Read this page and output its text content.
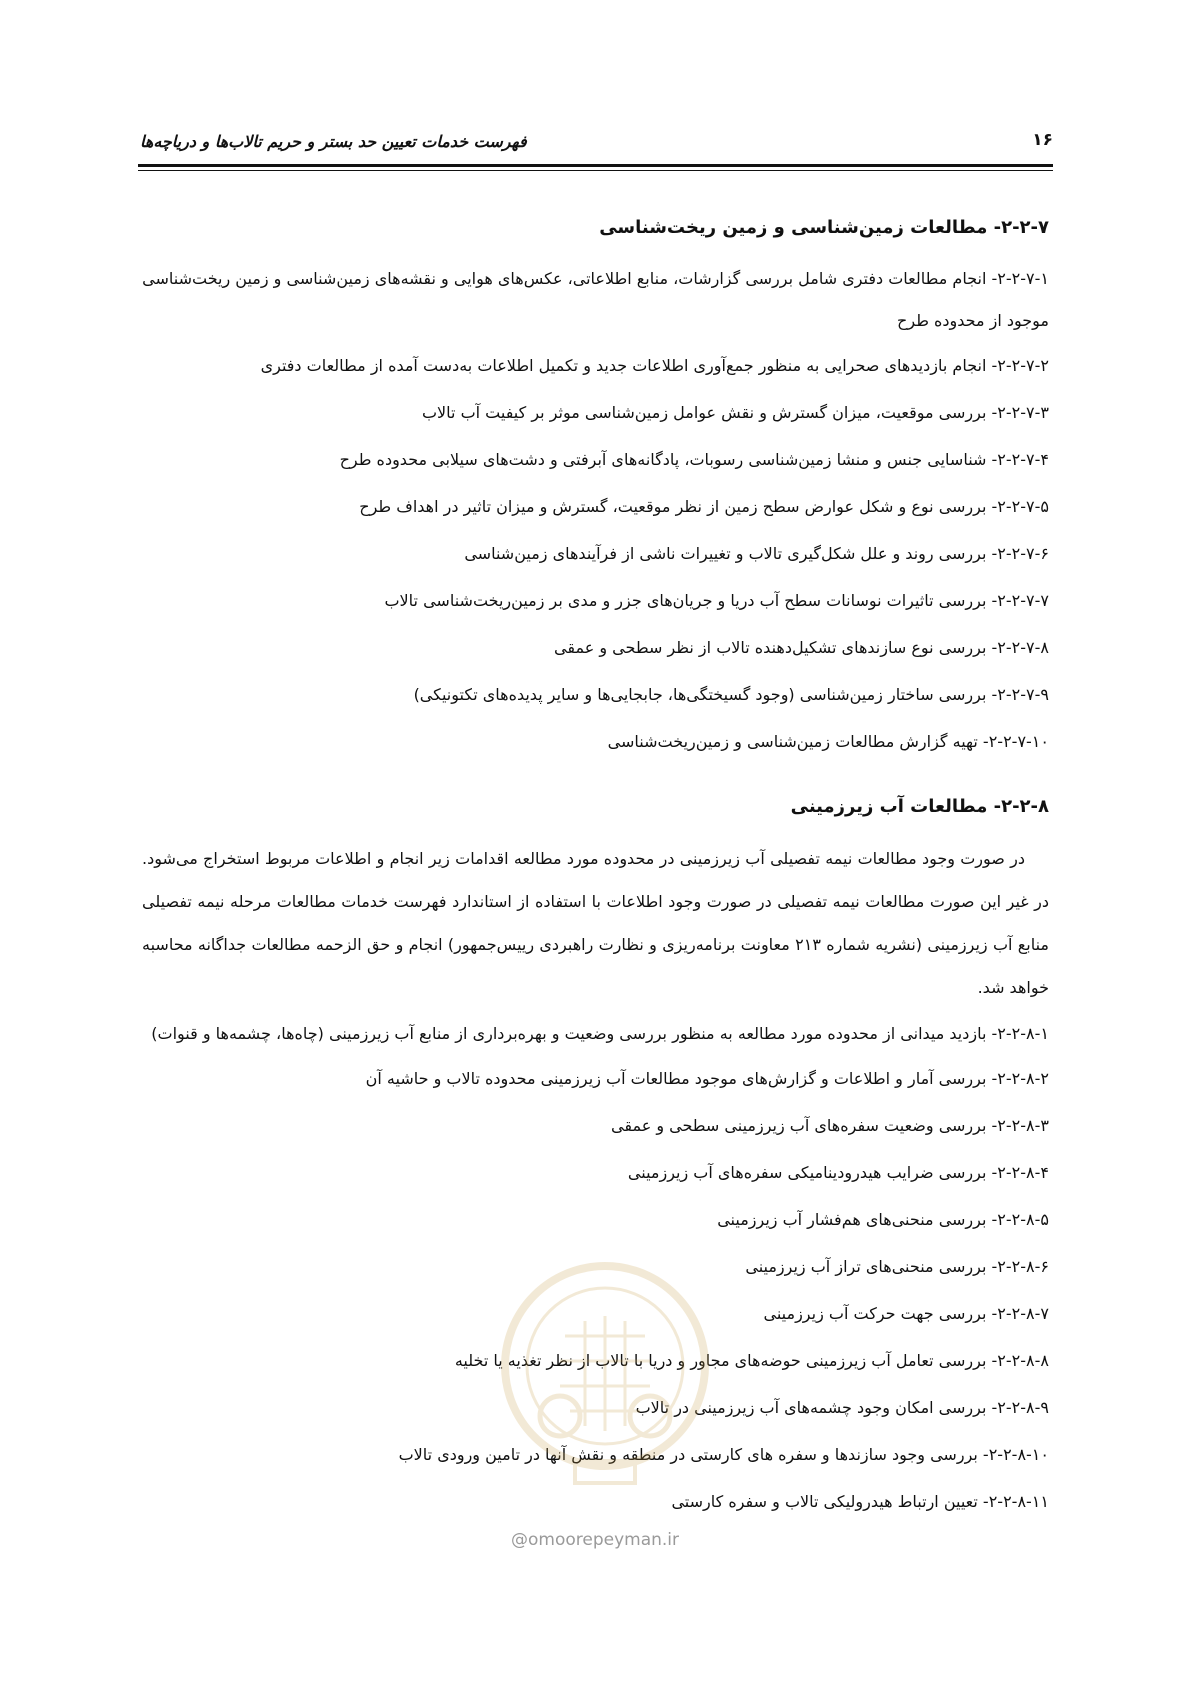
۱۶
فهرست خدمات تعیین حد بستر و حریم تالاب‌ها و دریاچه‌ها
۲-۲-۷- مطالعات زمین‌شناسی و زمین ریخت‌شناسی
۲-۲-۷-۱- انجام مطالعات دفتری شامل بررسی گزارشات، منابع اطلاعاتی، عکس‌های هوایی و نقشه‌های زمین‌شناسی و زمین ریخت‌شناسی موجود از محدوده طرح
۲-۲-۷-۲- انجام بازدیدهای صحرایی به منظور جمع‌آوری اطلاعات جدید و تکمیل اطلاعات به‌دست آمده از مطالعات دفتری
۲-۲-۷-۳- بررسی موقعیت، میزان گسترش و نقش عوامل زمین‌شناسی موثر بر کیفیت آب تالاب
۲-۲-۷-۴- شناسایی جنس و منشا زمین‌شناسی رسوبات، پادگانه‌های آبرفتی و دشت‌های سیلابی محدوده طرح
۲-۲-۷-۵- بررسی نوع و شکل عوارض سطح زمین از نظر موقعیت، گسترش و میزان تاثیر در اهداف طرح
۲-۲-۷-۶- بررسی روند و علل شکل‌گیری تالاب و تغییرات ناشی از فرآیندهای زمین‌شناسی
۲-۲-۷-۷- بررسی تاثیرات نوسانات سطح آب دریا و جریان‌های جزر و مدی بر زمین‌ریخت‌شناسی تالاب
۲-۲-۷-۸- بررسی نوع سازندهای تشکیل‌دهنده تالاب از نظر سطحی و عمقی
۲-۲-۷-۹- بررسی ساختار زمین‌شناسی (وجود گسیختگی‌ها، جابجایی‌ها و سایر پدیده‌های تکتونیکی)
۲-۲-۷-۱۰- تهیه گزارش مطالعات زمین‌شناسی و زمین‌ریخت‌شناسی
۲-۲-۸- مطالعات آب زیرزمینی

در صورت وجود مطالعات نیمه تفصیلی آب زیرزمینی در محدوده مورد مطالعه اقدامات زیر انجام و اطلاعات مربوط استخراج می‌شود. در غیر این صورت مطالعات نیمه تفصیلی در صورت وجود اطلاعات با استفاده از استاندارد فهرست خدمات مطالعات مرحله نیمه تفصیلی منابع آب زیرزمینی (نشریه شماره ۲۱۳ معاونت برنامه‌ریزی و نظارت راهبردی رییس‌جمهور) انجام و حق الزحمه مطالعات جداگانه محاسبه خواهد شد.

۲-۲-۸-۱- بازدید میدانی از محدوده مورد مطالعه به منظور بررسی وضعیت و بهره‌برداری از منابع آب زیرزمینی (چاه‌ها، چشمه‌ها و قنوات)
۲-۲-۸-۲- بررسی آمار و اطلاعات و گزارش‌های موجود مطالعات آب زیرزمینی محدوده تالاب و حاشیه آن
۲-۲-۸-۳- بررسی وضعیت سفره‌های آب زیرزمینی سطحی و عمقی
۲-۲-۸-۴- بررسی ضرایب هیدرودینامیکی سفره‌های آب زیرزمینی
۲-۲-۸-۵- بررسی منحنی‌های هم‌فشار آب زیرزمینی
۲-۲-۸-۶- بررسی منحنی‌های تراز آب زیرزمینی
۲-۲-۸-۷- بررسی جهت حرکت آب زیرزمینی
۲-۲-۸-۸- بررسی تعامل آب زیرزمینی حوضه‌های مجاور و دریا با تالاب از نظر تغذیه یا تخلیه
۲-۲-۸-۹- بررسی امکان وجود چشمه‌های آب زیرزمینی در تالاب
۲-۲-۸-۱۰- بررسی وجود سازندها و سفره های کارستی در منطقه و نقش آنها در تامین ورودی تالاب
۲-۲-۸-۱۱- تعیین ارتباط هیدرولیکی تالاب و سفره کارستی
@omoorepeyman.ir
